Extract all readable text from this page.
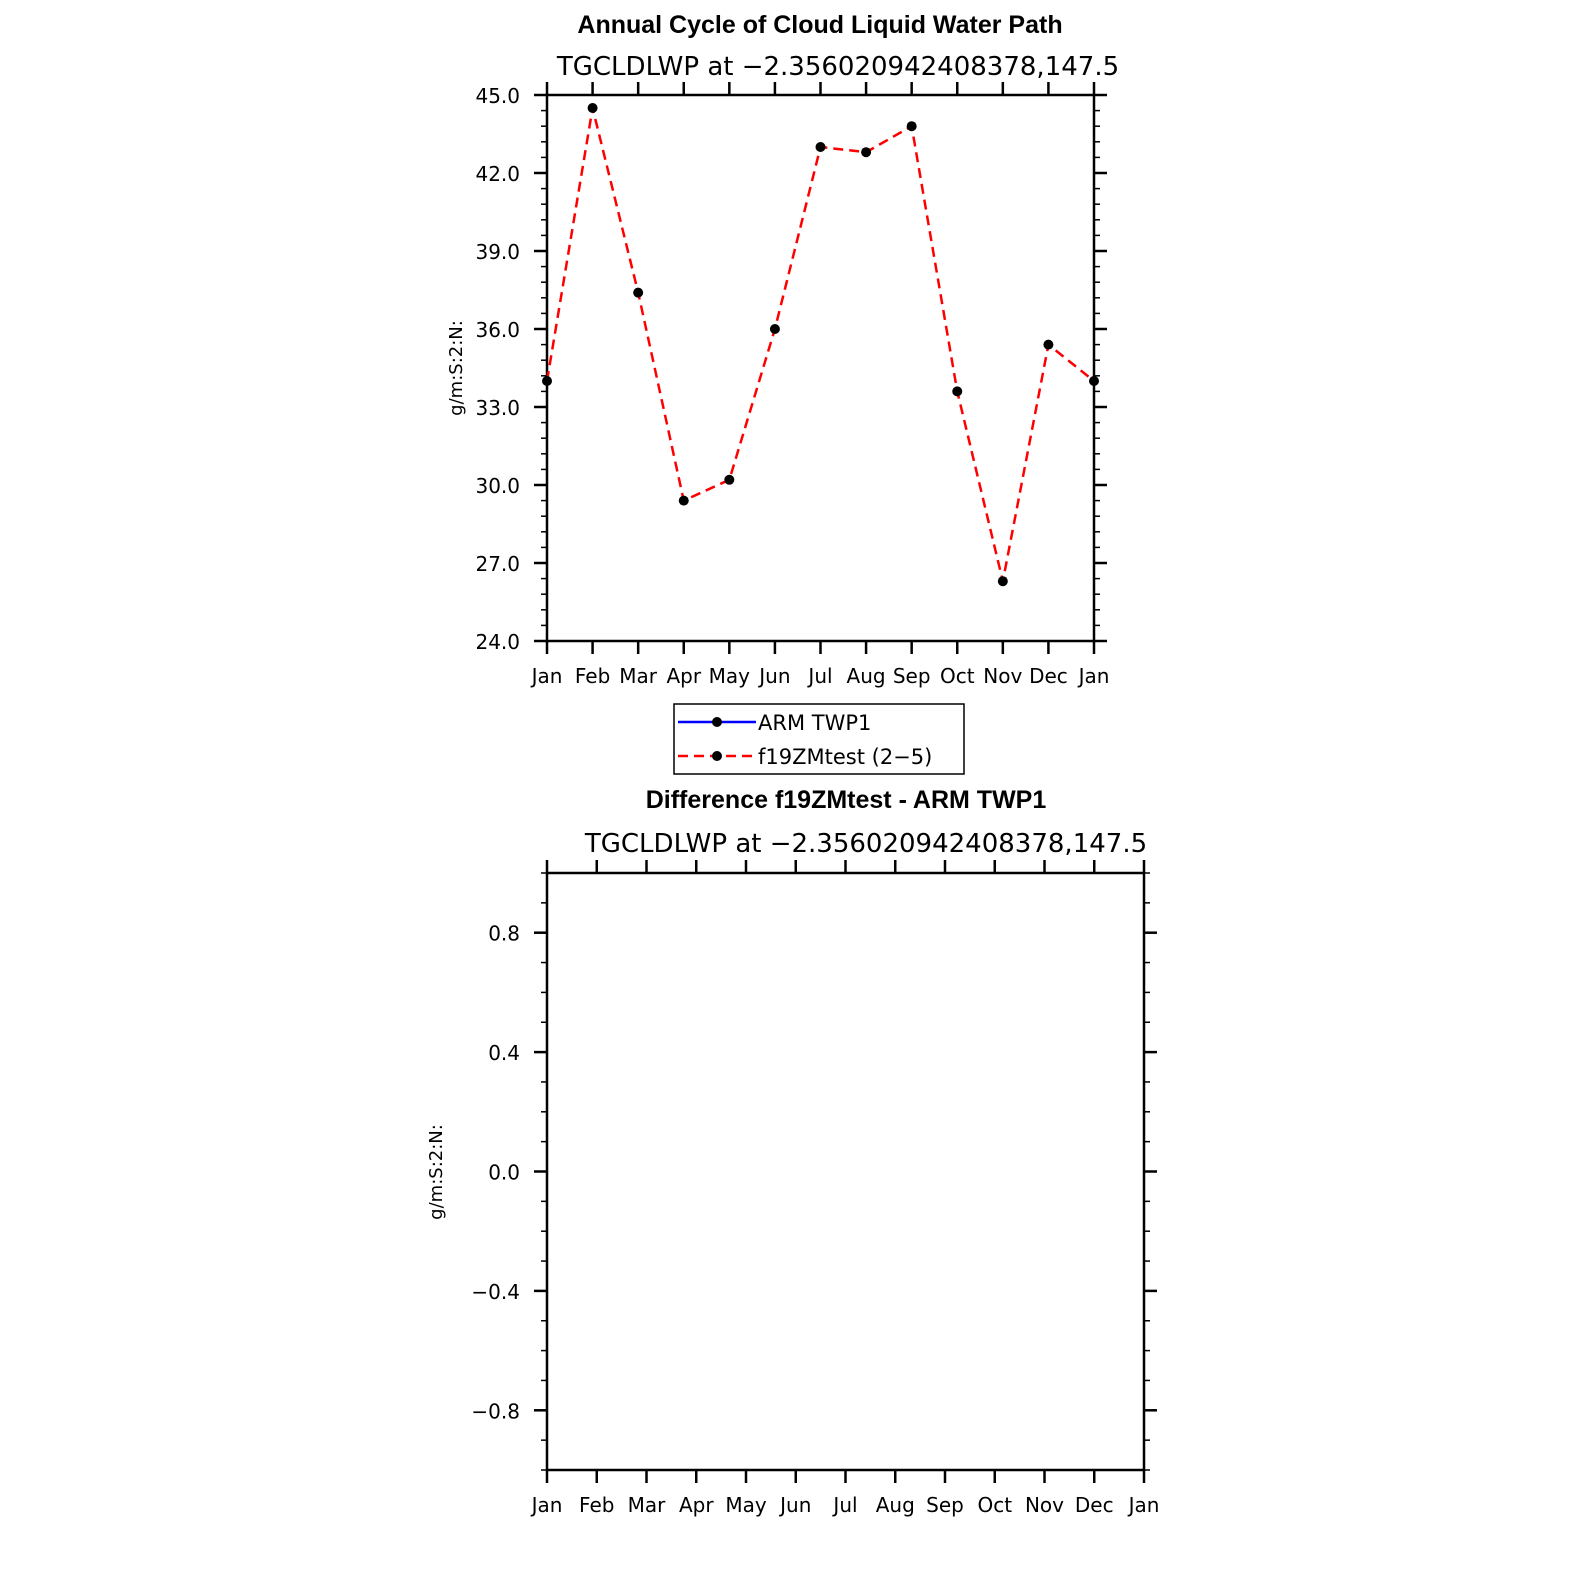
Annual Cycle of Cloud Liquid Water Path
TGCLDLWP at −2.356020942408378,147.5
g/m:S:2:N:
24.0
27.0
30.0
33.0
36.0
39.0
42.0
45.0
Jan Feb Mar Apr May Jun Jul Aug Sep Oct Nov Dec Jan
ARM TWP1
f19ZMtest (2−5)
Difference f19ZMtest - ARM TWP1
TGCLDLWP at −2.356020942408378,147.5
g/m:S:2:N:
−0.8
−0.4
0.0
0.4
0.8
Jan Feb Mar Apr May Jun Jul Aug Sep Oct Nov Dec Jan
